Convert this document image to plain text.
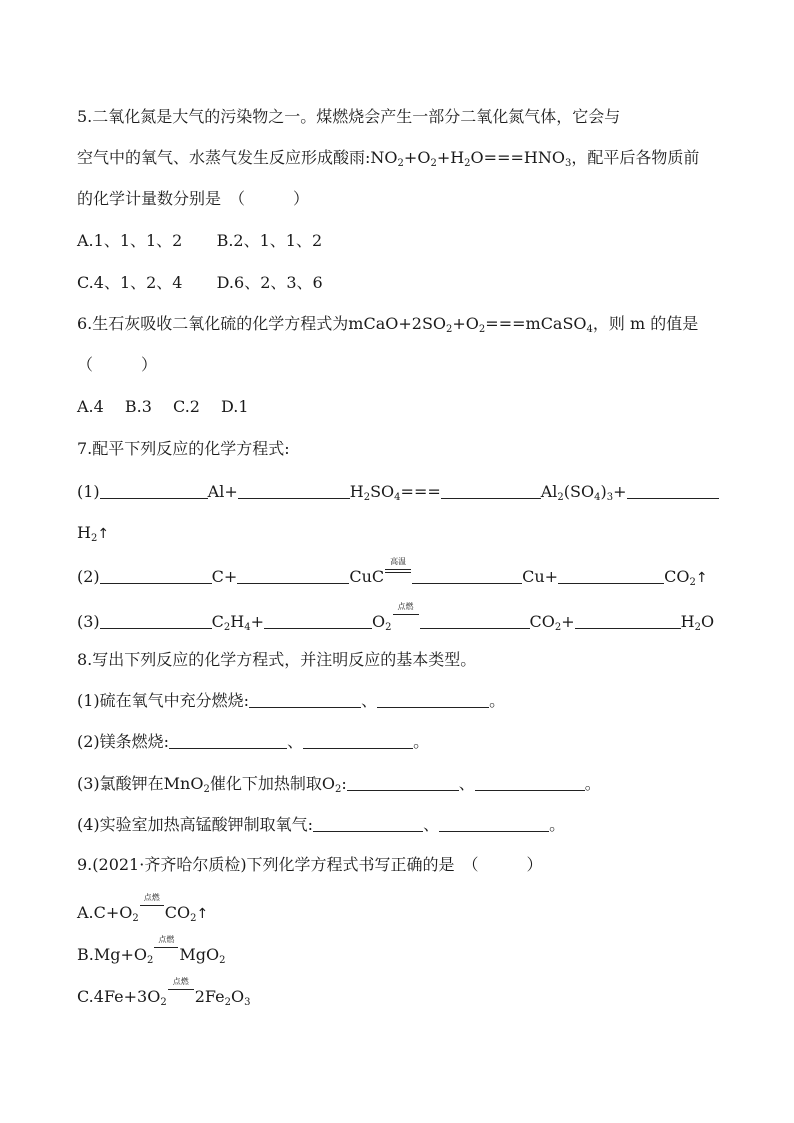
5.二氧化氮是大气的污染物之一。煤燃烧会产生一部分二氧化氮气体，它会与
空气中的氧气、水蒸气发生反应形成酸雨$:NO_2+O_2+H_2O===HNO_3$，配平后各物质前
的化学计量数分别是　（　　　）
A.1、1、1、2 B.2、1、1、2
C.4、1、2、4 D.6、2、3、6
6.生石灰吸收二氧化硫的化学方程式为$mCaO+2SO_2+O_2===mCaSO_4$，则 m 的值是
（　　　）
A.4　 B.3　 C.2　 D.1
7.配平下列反应的化学方程式:
(1)	Al+	$H_2SO_4===$	$Al_2(SO_4)_3+$
$H_2↑$
(2)	C+	CuC
高温
Cu+	$CO_2↑$
(3)	$C_2H_4+$	$O_2$
点燃
$CO_2+$	$H_2O$
8.写出下列反应的化学方程式，并注明反应的基本类型。
(1)硫在氧气中充分燃烧:	、	。
(2)镁条燃烧:	、	。
(3)氯酸钾在MnO$_2$催化下加热制取$O_2$:	、	。
(4)实验室加热高锰酸钾制取氧气:	、	。
9.(2021·齐齐哈尔质检)下列化学方程式书写正确的是　（　　　）
$A.C+O_2$
点燃
$CO_2↑$
$B.Mg+O_2$
点燃
MgO$_2$
$C.4Fe+3O_2$
点燃
$2Fe_2O_3$
